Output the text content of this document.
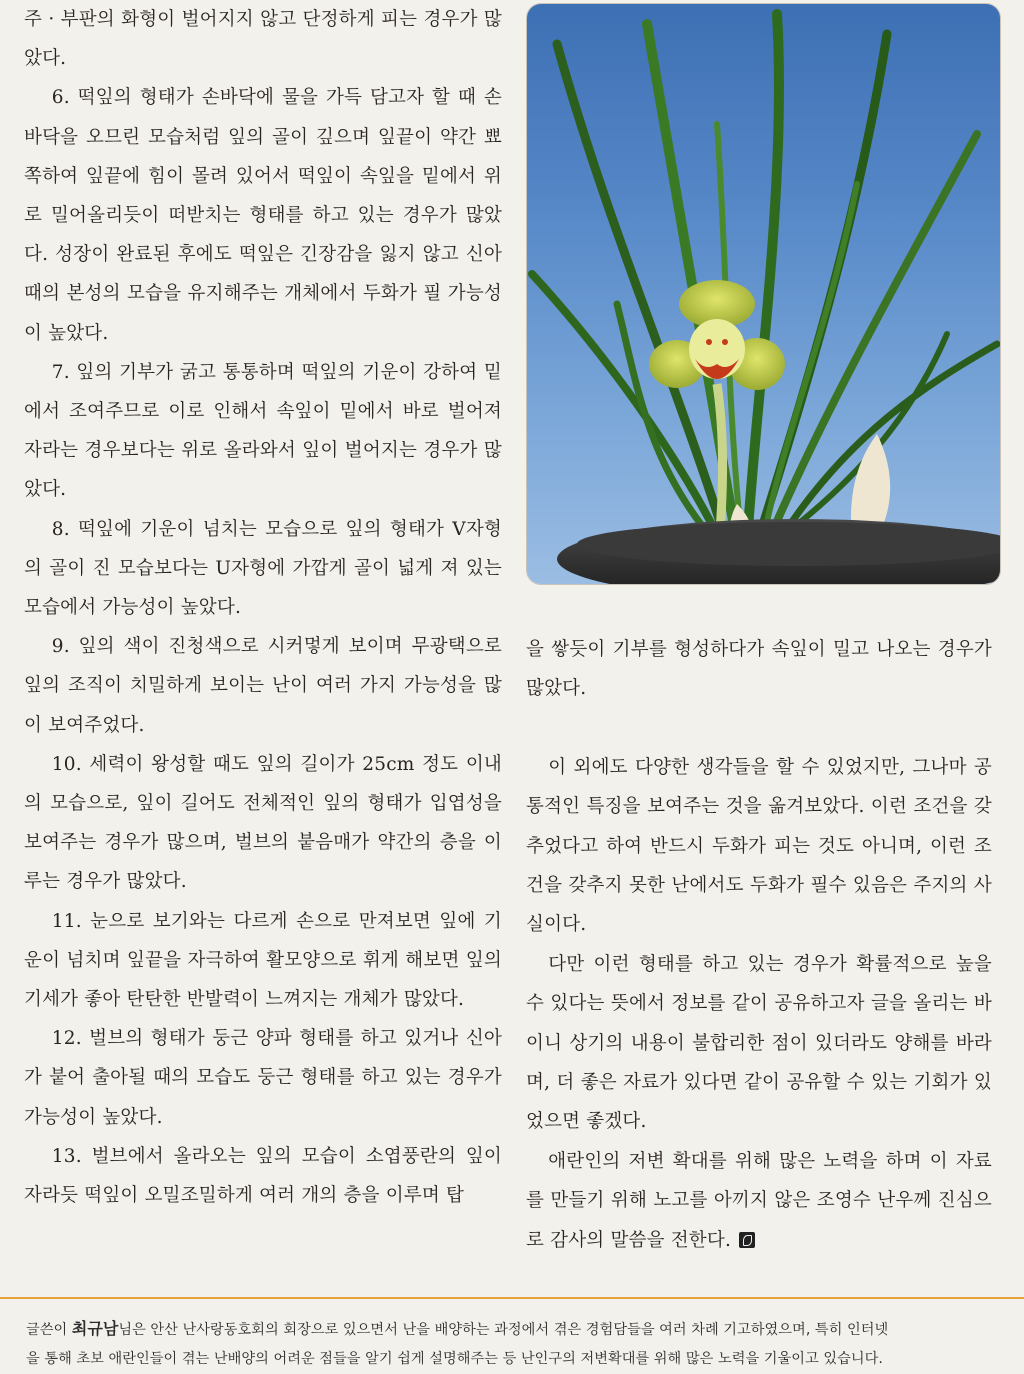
주 · 부판의 화형이 벌어지지 않고 단정하게 피는 경우가 많았다.

6. 떡잎의 형태가 손바닥에 물을 가득 담고자 할 때 손바닥을 오므린 모습처럼 잎의 골이 깊으며 잎끝이 약간 뾰쪽하여 잎끝에 힘이 몰려 있어서 떡잎이 속잎을 밑에서 위로 밀어올리듯이 떠받치는 형태를 하고 있는 경우가 많았다. 성장이 완료된 후에도 떡잎은 긴장감을 잃지 않고 신아 때의 본성의 모습을 유지해주는 개체에서 두화가 필 가능성이 높았다.

7. 잎의 기부가 굵고 통통하며 떡잎의 기운이 강하여 밑에서 조여주므로 이로 인해서 속잎이 밑에서 바로 벌어져 자라는 경우보다는 위로 올라와서 잎이 벌어지는 경우가 많았다.

8. 떡잎에 기운이 넘치는 모습으로 잎의 형태가 V자형의 골이 진 모습보다는 U자형에 가깝게 골이 넓게 져 있는 모습에서 가능성이 높았다.

9. 잎의 색이 진청색으로 시커멓게 보이며 무광택으로 잎의 조직이 치밀하게 보이는 난이 여러 가지 가능성을 많이 보여주었다.

10. 세력이 왕성할 때도 잎의 길이가 25cm 정도 이내의 모습으로, 잎이 길어도 전체적인 잎의 형태가 입엽성을 보여주는 경우가 많으며, 벌브의 붙음매가 약간의 층을 이루는 경우가 많았다.

11. 눈으로 보기와는 다르게 손으로 만져보면 잎에 기운이 넘치며 잎끝을 자극하여 활모양으로 휘게 해보면 잎의 기세가 좋아 탄탄한 반발력이 느껴지는 개체가 많았다.

12. 벌브의 형태가 둥근 양파 형태를 하고 있거나 신아가 붙어 출아될 때의 모습도 둥근 형태를 하고 있는 경우가 가능성이 높았다.

13. 벌브에서 올라오는 잎의 모습이 소엽풍란의 잎이 자라듯 떡잎이 오밀조밀하게 여러 개의 층을 이루며 탑

을 쌓듯이 기부를 형성하다가 속잎이 밀고 나오는 경우가 많았다.

이 외에도 다양한 생각들을 할 수 있었지만, 그나마 공통적인 특징을 보여주는 것을 옮겨보았다. 이런 조건을 갖추었다고 하여 반드시 두화가 피는 것도 아니며, 이런 조건을 갖추지 못한 난에서도 두화가 필수 있음은 주지의 사실이다.

다만 이런 형태를 하고 있는 경우가 확률적으로 높을 수 있다는 뜻에서 정보를 같이 공유하고자 글을 올리는 바이니 상기의 내용이 불합리한 점이 있더라도 양해를 바라며, 더 좋은 자료가 있다면 같이 공유할 수 있는 기회가 있었으면 좋겠다.

애란인의 저변 확대를 위해 많은 노력을 하며 이 자료를 만들기 위해 노고를 아끼지 않은 조영수 난우께 진심으로 감사의 말씀을 전한다.

글쓴이 최규남님은 안산 난사랑동호회의 회장으로 있으면서 난을 배양하는 과정에서 겪은 경험담들을 여러 차례 기고하였으며, 특히 인터넷

을 통해 초보 애란인들이 겪는 난배양의 어려운 점들을 알기 쉽게 설명해주는 등 난인구의 저변확대를 위해 많은 노력을 기울이고 있습니다.
